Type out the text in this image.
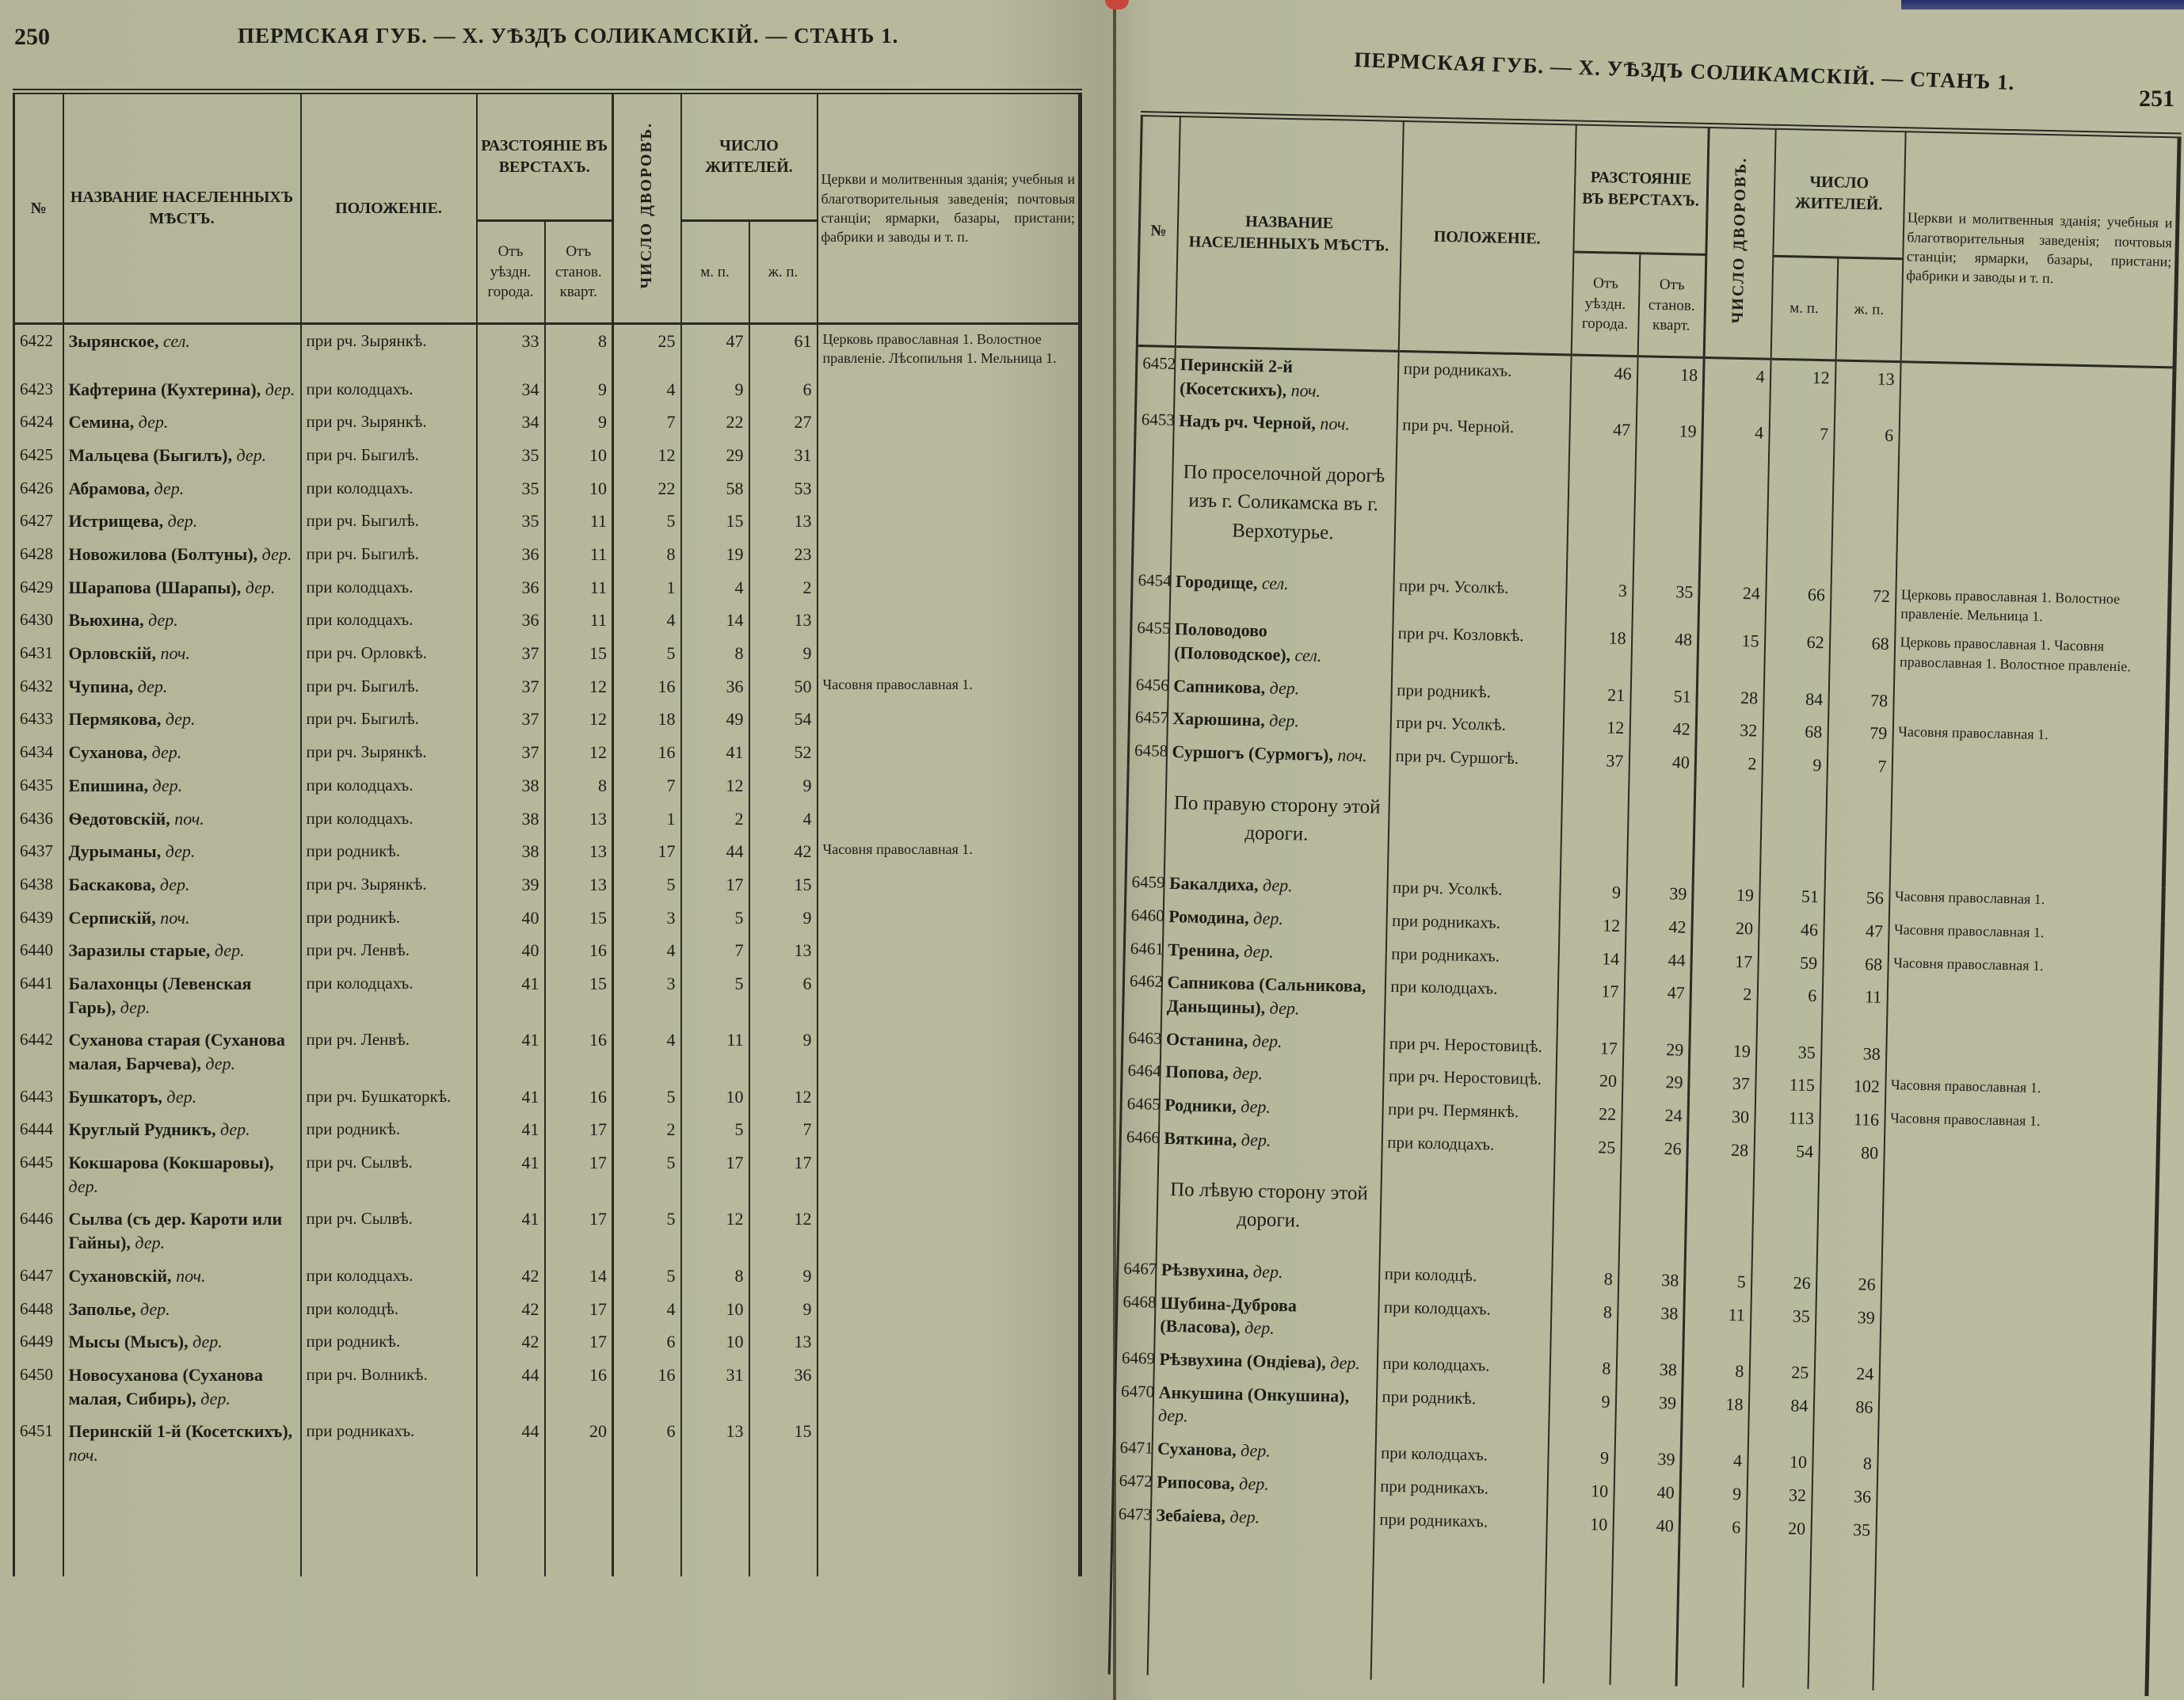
250	ПЕРМСКАЯ ГУБ. — X. УѢЗДЪ СОЛИКАМСКІЙ. — СТАНЪ 1.
№	НАЗВАНИЕ НАСЕЛЕННЫХЪ МѢСТЪ.	ПОЛОЖЕНІЕ.	РАЗСТОЯНІЕ ВЪ ВЕРСТАХЪ.		ЧИСЛО ДВОРОВЪ.	ЧИСЛО ЖИТЕЛЕЙ.		Церкви и молитвенныя зданія; учебныя и благотворительныя заведенія; почтовыя станціи; ярмарки, базары, пристани; фабрики и заводы и т. п.
			Отъ уѣздн. города.	Отъ станов. кварт.		м. п.	ж. п.	
6422	Зырянское, сел.	при рч. Зырянкѣ.	33	8	25	47	61	Церковь православная 1. Волостное правленіе. Лѣсопильня 1. Мельница 1.
6423	Кафтерина (Кухтерина), дер.	при колодцахъ.	34	9	4	9	6	
6424	Семина, дер.	при рч. Зырянкѣ.	34	9	7	22	27	
6425	Мальцева (Быгилъ), дер.	при рч. Быгилѣ.	35	10	12	29	31	
6426	Абрамова, дер.	при колодцахъ.	35	10	22	58	53	
6427	Истрищева, дер.	при рч. Быгилѣ.	35	11	5	15	13	
6428	Новожилова (Болтуны), дер.	при рч. Быгилѣ.	36	11	8	19	23	
6429	Шарапова (Шарапы), дер.	при колодцахъ.	36	11	1	4	2	
6430	Вьюхина, дер.	при колодцахъ.	36	11	4	14	13	
6431	Орловскій, поч.	при рч. Орловкѣ.	37	15	5	8	9	
6432	Чупина, дер.	при рч. Быгилѣ.	37	12	16	36	50	Часовня православная 1.
6433	Пермякова, дер.	при рч. Быгилѣ.	37	12	18	49	54	
6434	Суханова, дер.	при рч. Зырянкѣ.	37	12	16	41	52	
6435	Епишина, дер.	при колодцахъ.	38	8	7	12	9	
6436	Ѳедотовскій, поч.	при колодцахъ.	38	13	1	2	4	
6437	Дурыманы, дер.	при родникѣ.	38	13	17	44	42	Часовня православная 1.
6438	Баскакова, дер.	при рч. Зырянкѣ.	39	13	5	17	15	
6439	Серпискій, поч.	при родникѣ.	40	15	3	5	9	
6440	Заразилы старые, дер.	при рч. Ленвѣ.	40	16	4	7	13	
6441	Балахонцы (Левенская Гарь), дер.	при колодцахъ.	41	15	3	5	6	
6442	Суханова старая (Суханова малая, Барчева), дер.	при рч. Ленвѣ.	41	16	4	11	9	
6443	Бушкаторъ, дер.	при рч. Бушкаторкѣ.	41	16	5	10	12	
6444	Круглый Рудникъ, дер.	при родникѣ.	41	17	2	5	7	
6445	Кокшарова (Кокшаровы), дер.	при рч. Сылвѣ.	41	17	5	17	17	
6446	Сылва (съ дер. Кароти или Гайны), дер.	при рч. Сылвѣ.	41	17	5	12	12	
6447	Сухановскій, поч.	при колодцахъ.	42	14	5	8	9	
6448	Заполье, дер.	при колодцѣ.	42	17	4	10	9	
6449	Мысы (Мысъ), дер.	при родникѣ.	42	17	6	10	13	
6450	Новосуханова (Суханова малая, Сибирь), дер.	при рч. Волникѣ.	44	16	16	31	36	
6451	Перинскій 1-й (Косетскихъ), поч.	при родникахъ.	44	20	6	13	15	

ПЕРМСКАЯ ГУБ. — X. УѢЗДЪ СОЛИКАМСКІЙ. — СТАНЪ 1.
251
№	НАЗВАНИЕ НАСЕЛЕННЫХЪ МѢСТЪ.	ПОЛОЖЕНІЕ.	РАЗСТОЯНІЕ ВЪ ВЕРСТАХЪ.		ЧИСЛО ДВОРОВЪ.	ЧИСЛО ЖИТЕЛЕЙ.		Церкви и молитвенныя зданія; учебныя и благотворительныя заведенія; почтовыя станціи; ярмарки, базары, пристани; фабрики и заводы и т. п.
			Отъ уѣздн. города.	Отъ станов. кварт.		м. п.	ж. п.	
6452	Перинскій 2-й (Косетскихъ), поч.	при родникахъ.	46	18	4	12	13	
6453	Надъ рч. Черной, поч.	при рч. Черной.	47	19	4	7	6	
	По проселочной дорогѣ изъ г. Соликамска въ г. Верхотурье.							
6454	Городище, сел.	при рч. Усолкѣ.	3	35	24	66	72	Церковь православная 1. Волостное правленіе. Мельница 1.
6455	Половодово (Половодское), сел.	при рч. Козловкѣ.	18	48	15	62	68	Церковь православная 1. Часовня православная 1. Волостное правленіе.
6456	Сапникова, дер.	при родникѣ.	21	51	28	84	78	
6457	Харюшина, дер.	при рч. Усолкѣ.	12	42	32	68	79	Часовня православная 1.
6458	Суршогъ (Сурмогъ), поч.	при рч. Суршогѣ.	37	40	2	9	7	
	По правую сторону этой дороги.							
6459	Бакалдиха, дер.	при рч. Усолкѣ.	9	39	19	51	56	Часовня православная 1.
6460	Ромодина, дер.	при родникахъ.	12	42	20	46	47	Часовня православная 1.
6461	Тренина, дер.	при родникахъ.	14	44	17	59	68	Часовня православная 1.
6462	Сапникова (Сальникова, Даньщины), дер.	при колодцахъ.	17	47	2	6	11	
6463	Останина, дер.	при рч. Неростовицѣ.	17	29	19	35	38	
6464	Попова, дер.	при рч. Неростовицѣ.	20	29	37	115	102	Часовня православная 1.
6465	Родники, дер.	при рч. Пермянкѣ.	22	24	30	113	116	Часовня православная 1.
6466	Вяткина, дер.	при колодцахъ.	25	26	28	54	80	
	По лѣвую сторону этой дороги.							
6467	Рѣзвухина, дер.	при колодцѣ.	8	38	5	26	26	
6468	Шубина-Дуброва (Власова), дер.	при колодцахъ.	8	38	11	35	39	
6469	Рѣзвухина (Ондіева), дер.	при колодцахъ.	8	38	8	25	24	
6470	Анкушина (Онкушина), дер.	при родникѣ.	9	39	18	84	86	
6471	Суханова, дер.	при колодцахъ.	9	39	4	10	8	
6472	Рипосова, дер.	при родникахъ.	10	40	9	32	36	
6473	Зебаіева, дер.	при родникахъ.	10	40	6	20	35	
